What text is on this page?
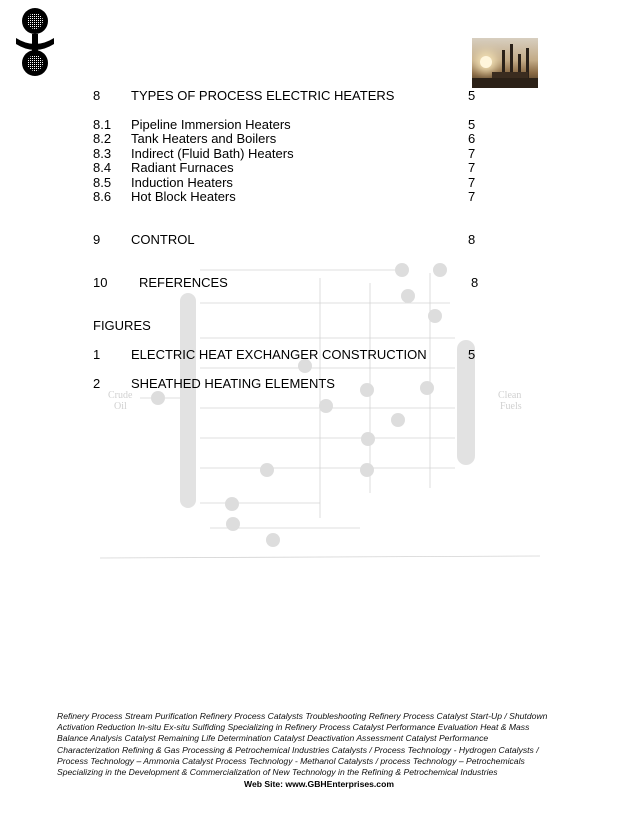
Crude
Oil
Clean
Fuels
8 TYPES OF PROCESS ELECTRIC HEATERS	5
8.1 Pipeline Immersion Heaters	5
8.2 Tank Heaters and Boilers	6
8.3 Indirect (Fluid Bath) Heaters	7
8.4 Radiant Furnaces	7
8.5 Induction Heaters	7
8.6 Hot Block Heaters	7
9 CONTROL	8
10 REFERENCES	8
FIGURES
1 ELECTRIC HEAT EXCHANGER CONSTRUCTION	5
2 SHEATHED HEATING ELEMENTS
Refinery Process Stream Purification Refinery Process Catalysts Troubleshooting Refinery Process Catalyst Start-Up / Shutdown
Activation Reduction In-situ Ex-situ Sulfiding Specializing in Refinery Process Catalyst Performance Evaluation Heat & Mass
Balance Analysis Catalyst Remaining Life Determination Catalyst Deactivation Assessment Catalyst Performance
Characterization Refining & Gas Processing & Petrochemical Industries Catalysts / Process Technology - Hydrogen Catalysts /
Process Technology – Ammonia Catalyst Process Technology - Methanol Catalysts / process Technology – Petrochemicals
Specializing in the Development & Commercialization of New Technology in the Refining & Petrochemical Industries
Web Site: www.GBHEnterprises.com
